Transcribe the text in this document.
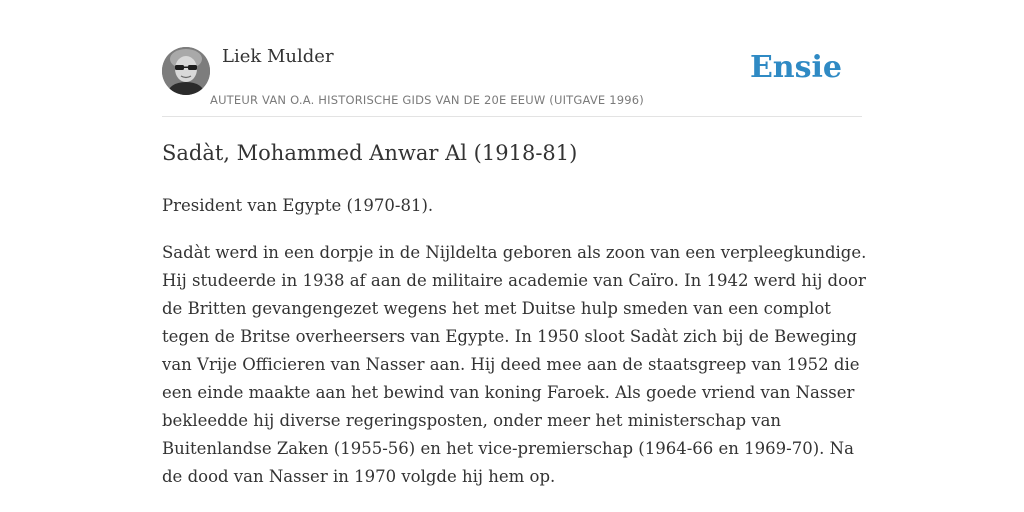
Liek Mulder
AUTEUR VAN O.A. HISTORISCHE GIDS VAN DE 20E EEUW (UITGAVE 1996)
Ensie
Sadàt, Mohammed Anwar Al (1918-81)

President van Egypte (1970-81).

Sadàt werd in een dorpje in de Nijldelta geboren als zoon van een verpleegkundige. Hij studeerde in 1938 af aan de militaire academie van Caïro. In 1942 werd hij door de Britten gevangengezet wegens het met Duitse hulp smeden van een complot tegen de Britse overheersers van Egypte. In 1950 sloot Sadàt zich bij de Beweging van Vrije Officieren van Nasser aan. Hij deed mee aan de staatsgreep van 1952 die een einde maakte aan het bewind van koning Faroek. Als goede vriend van Nasser bekleedde hij diverse regeringsposten, onder meer het ministerschap van Buitenlandse Zaken (1955-56) en het vice-premierschap (1964-66 en 1969-70). Na de dood van Nasser in 1970 volgde hij hem op.
